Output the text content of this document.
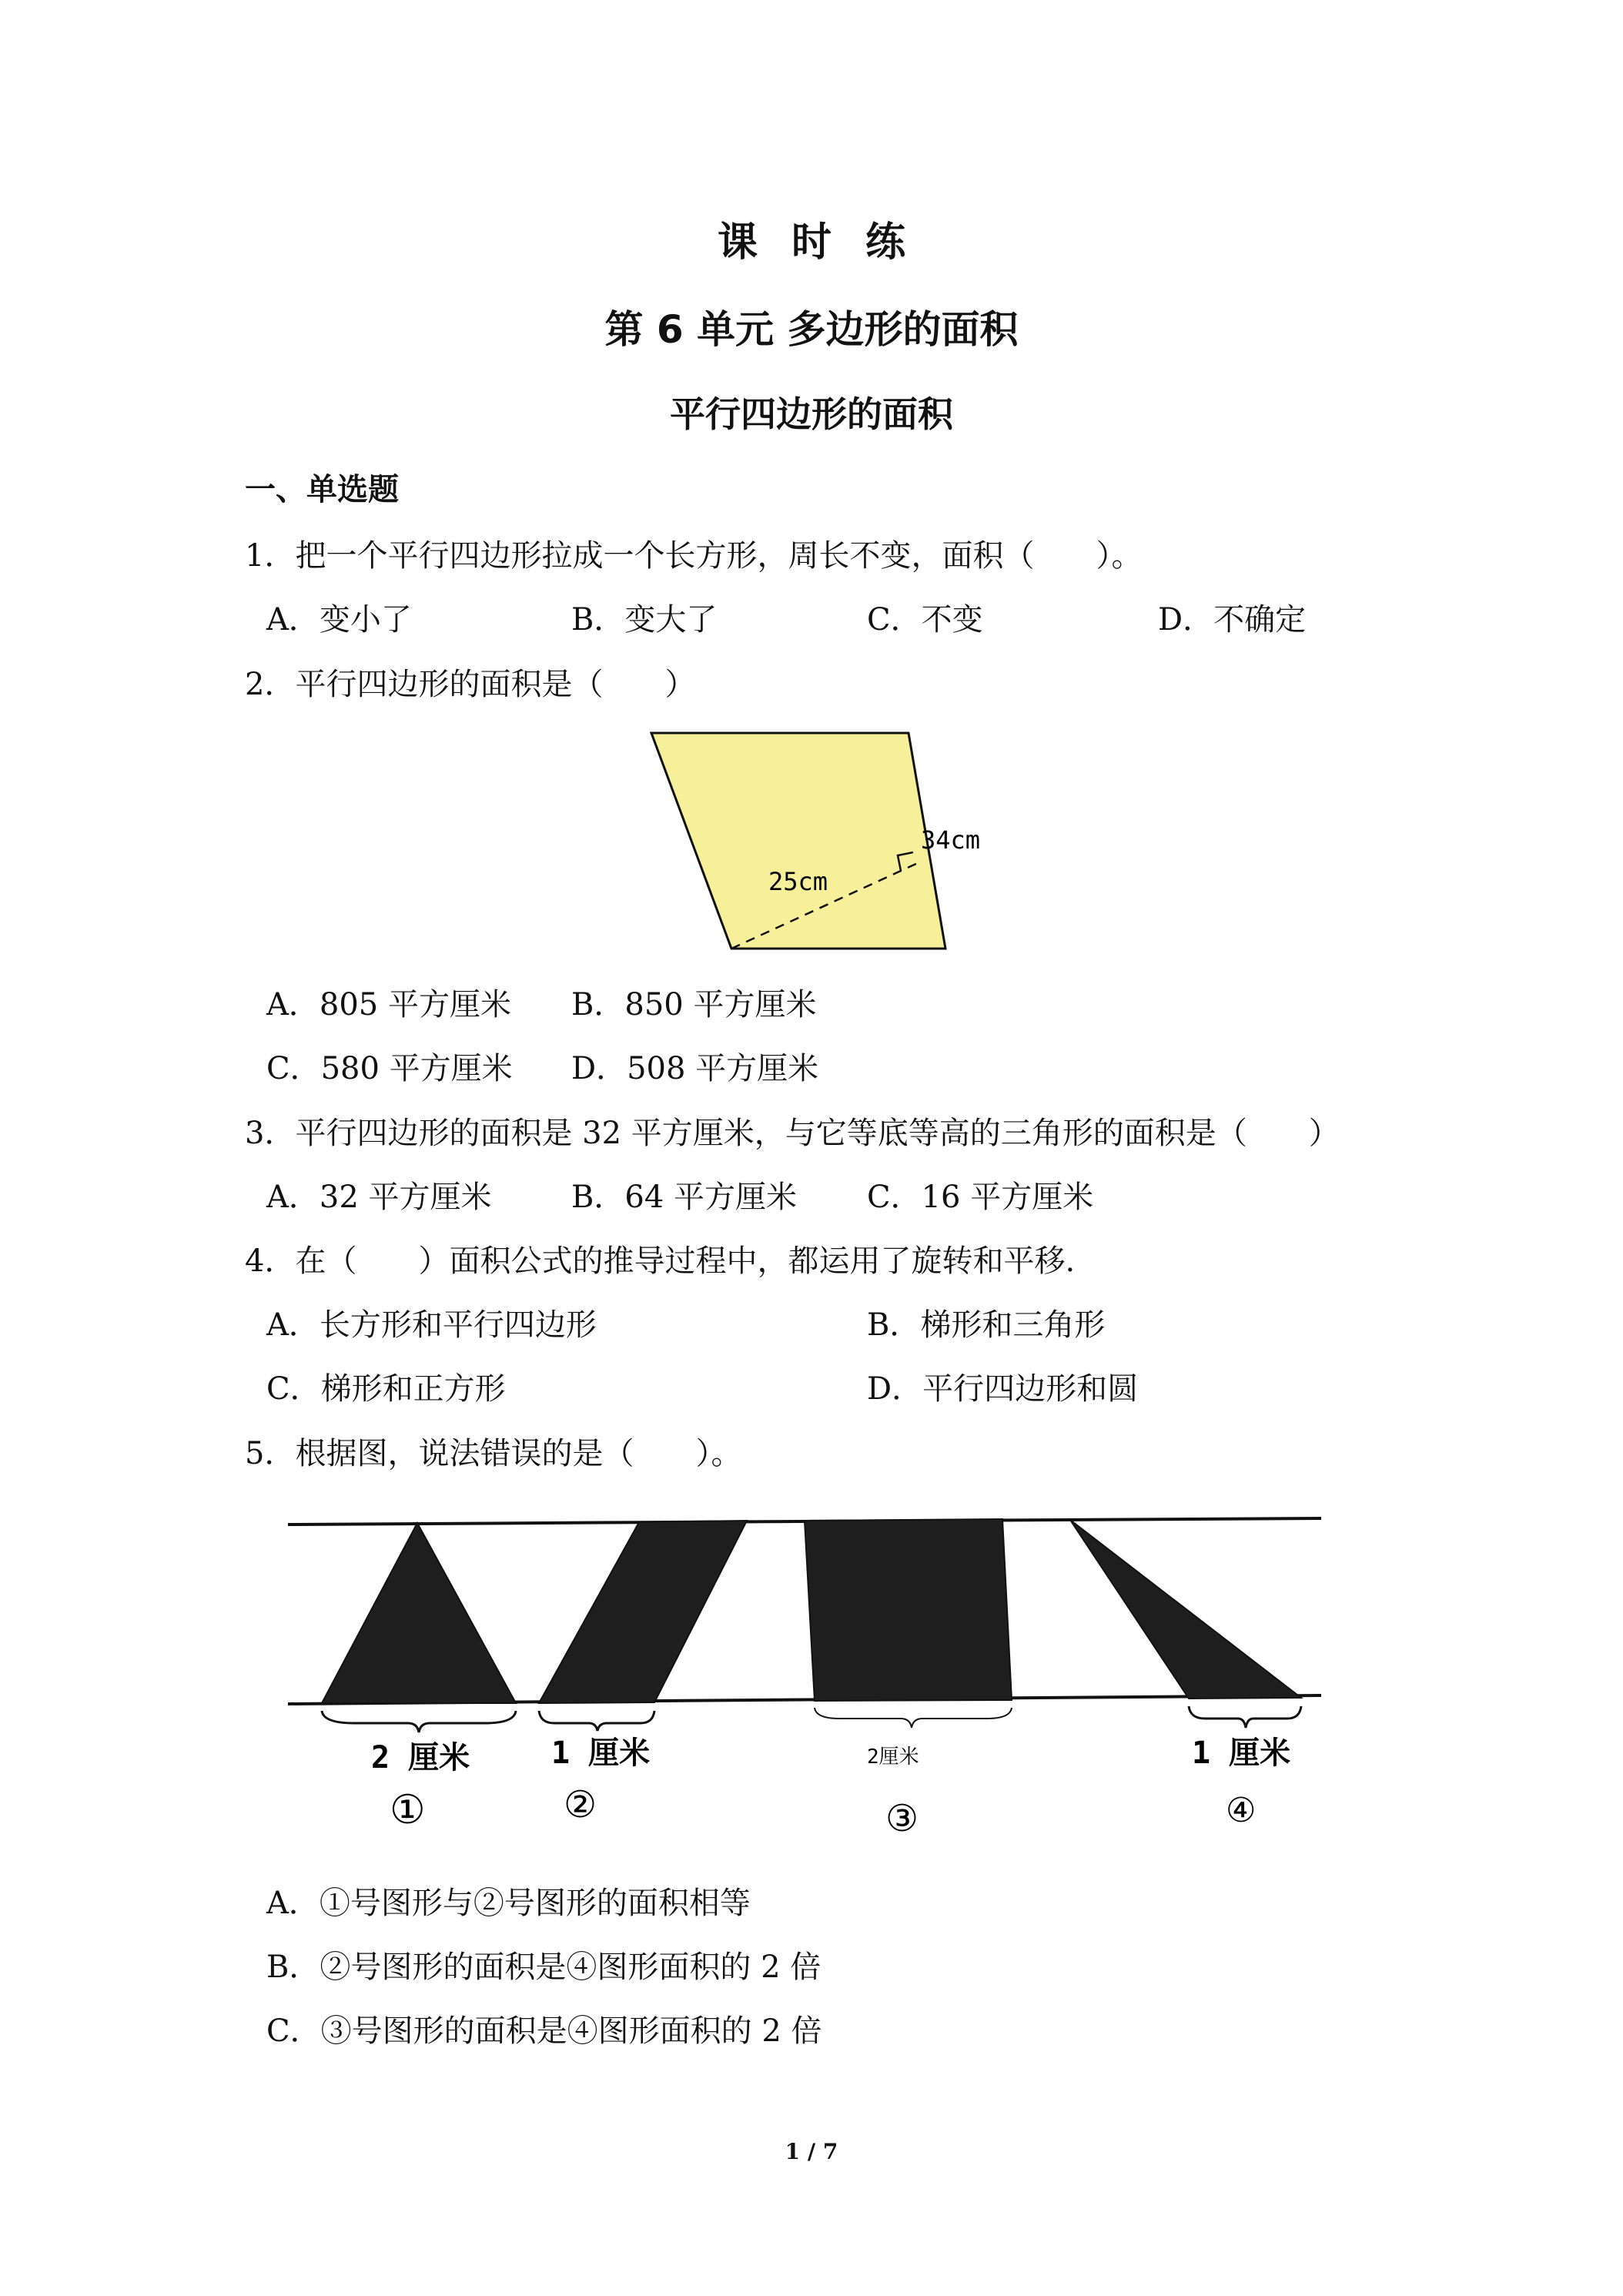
课时练
第 6 单元 多边形的面积
平行四边形的面积
一、单选题
1．把一个平行四边形拉成一个长方形，周长不变，面积（　　）。
A．变小了	B．变大了	C．不变	D．不确定
2．平行四边形的面积是（　　）
34cm
25cm
A．805 平方厘米 B．850 平方厘米
C．580 平方厘米 D．508 平方厘米
3．平行四边形的面积是 32 平方厘米，与它等底等高的三角形的面积是（　　）
A．32 平方厘米	B．64 平方厘米 C．16 平方厘米
4．在（　　）面积公式的推导过程中，都运用了旋转和平移.
A．长方形和平行四边形	B．梯形和三角形
C．梯形和正方形	D．平行四边形和圆
5．根据图，说法错误的是（　　）。
2 厘米	1 厘米	2厘米	1 厘米
①	②	③	④
A．①号图形与②号图形的面积相等
B．②号图形的面积是④图形面积的 2 倍
C．③号图形的面积是④图形面积的 2 倍
1 / 7
